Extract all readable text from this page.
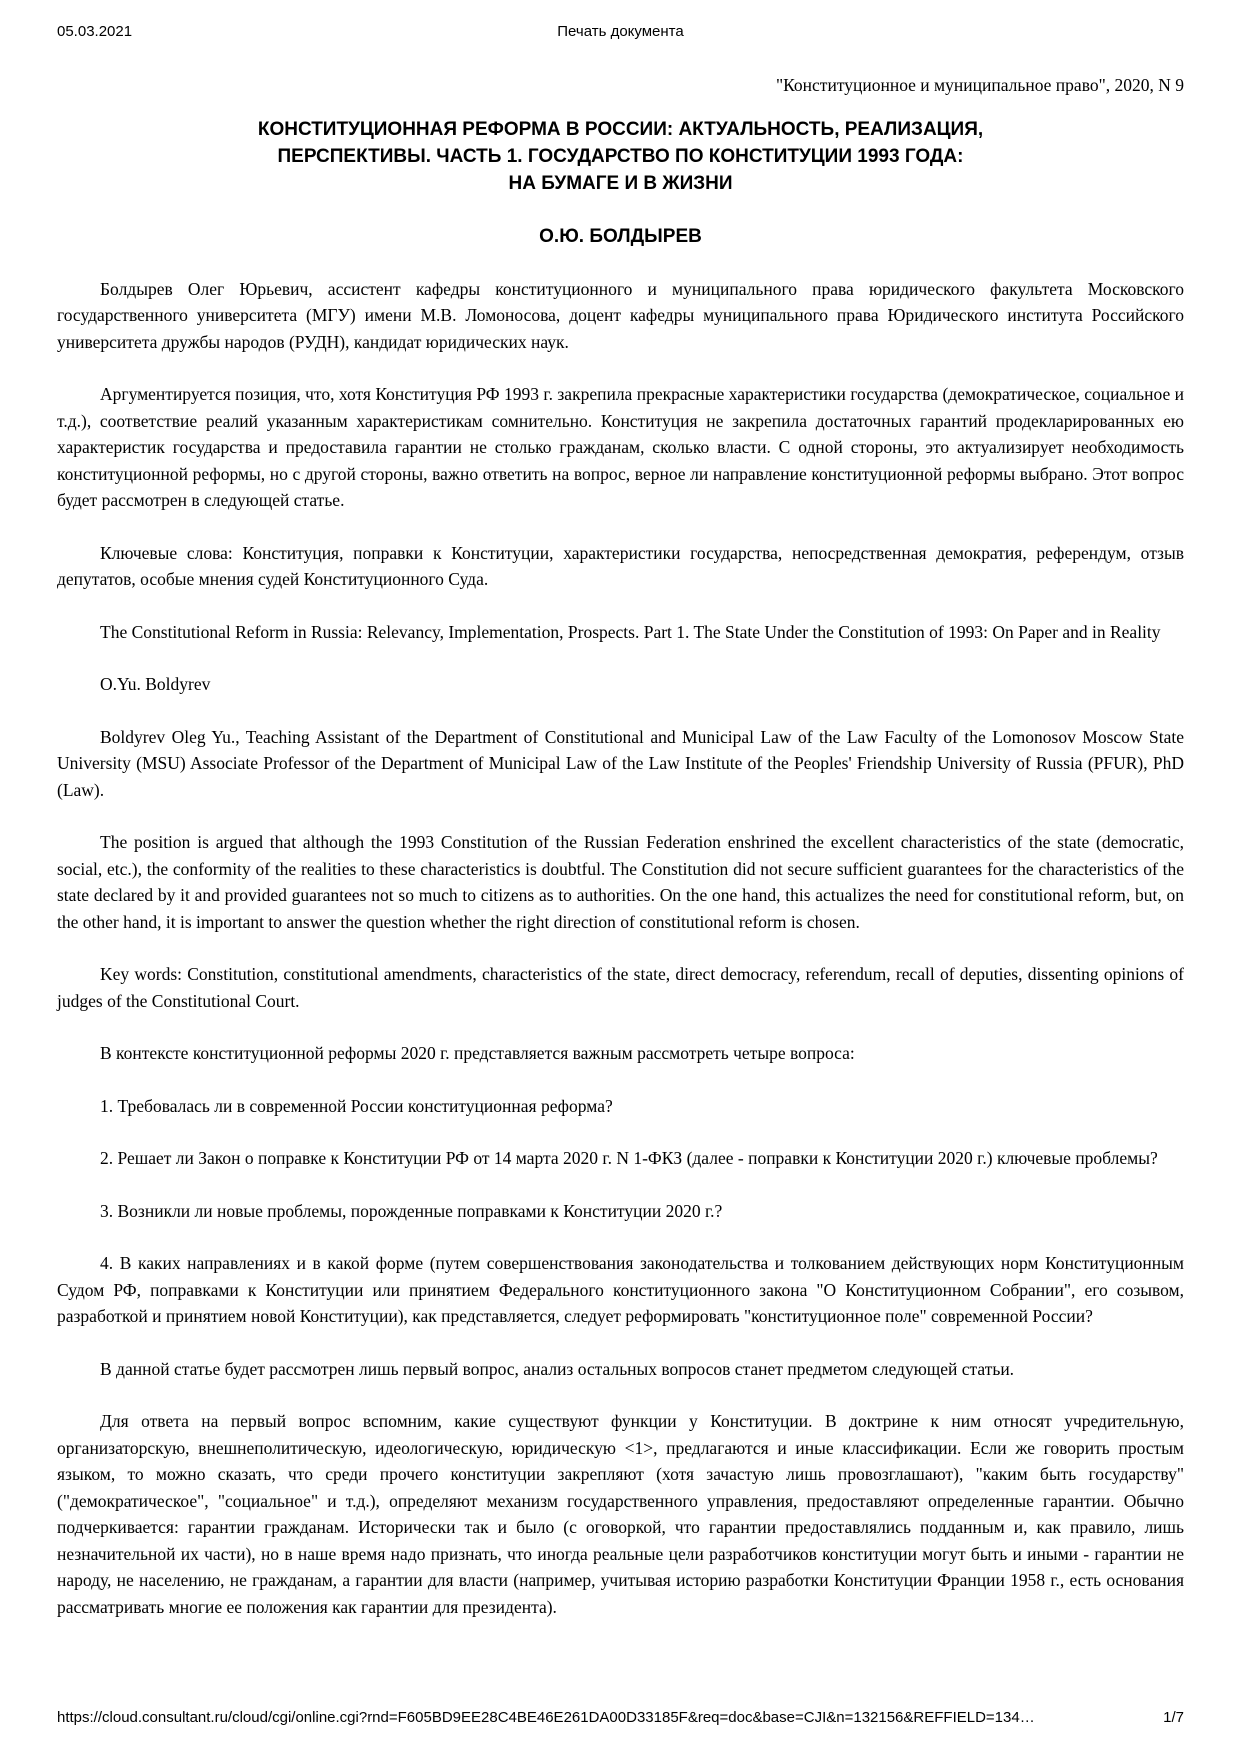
05.03.2021	Печать документа
"Конституционное и муниципальное право", 2020, N 9
КОНСТИТУЦИОННАЯ РЕФОРМА В РОССИИ: АКТУАЛЬНОСТЬ, РЕАЛИЗАЦИЯ,
ПЕРСПЕКТИВЫ. ЧАСТЬ 1. ГОСУДАРСТВО ПО КОНСТИТУЦИИ 1993 ГОДА:
НА БУМАГЕ И В ЖИЗНИ
О.Ю. БОЛДЫРЕВ

Болдырев Олег Юрьевич, ассистент кафедры конституционного и муниципального права юридического факультета Московского государственного университета (МГУ) имени М.В. Ломоносова, доцент кафедры муниципального права Юридического института Российского университета дружбы народов (РУДН), кандидат юридических наук.

Аргументируется позиция, что, хотя Конституция РФ 1993 г. закрепила прекрасные характеристики государства (демократическое, социальное и т.д.), соответствие реалий указанным характеристикам сомнительно. Конституция не закрепила достаточных гарантий продекларированных ею характеристик государства и предоставила гарантии не столько гражданам, сколько власти. С одной стороны, это актуализирует необходимость конституционной реформы, но с другой стороны, важно ответить на вопрос, верное ли направление конституционной реформы выбрано. Этот вопрос будет рассмотрен в следующей статье.

Ключевые слова: Конституция, поправки к Конституции, характеристики государства, непосредственная демократия, референдум, отзыв депутатов, особые мнения судей Конституционного Суда.

The Constitutional Reform in Russia: Relevancy, Implementation, Prospects. Part 1. The State Under the Constitution of 1993: On Paper and in Reality

O.Yu. Boldyrev

Boldyrev Oleg Yu., Teaching Assistant of the Department of Constitutional and Municipal Law of the Law Faculty of the Lomonosov Moscow State University (MSU) Associate Professor of the Department of Municipal Law of the Law Institute of the Peoples' Friendship University of Russia (PFUR), PhD (Law).

The position is argued that although the 1993 Constitution of the Russian Federation enshrined the excellent characteristics of the state (democratic, social, etc.), the conformity of the realities to these characteristics is doubtful. The Constitution did not secure sufficient guarantees for the characteristics of the state declared by it and provided guarantees not so much to citizens as to authorities. On the one hand, this actualizes the need for constitutional reform, but, on the other hand, it is important to answer the question whether the right direction of constitutional reform is chosen.

Key words: Constitution, constitutional amendments, characteristics of the state, direct democracy, referendum, recall of deputies, dissenting opinions of judges of the Constitutional Court.

В контексте конституционной реформы 2020 г. представляется важным рассмотреть четыре вопроса:

1. Требовалась ли в современной России конституционная реформа?

2. Решает ли Закон о поправке к Конституции РФ от 14 марта 2020 г. N 1-ФКЗ (далее - поправки к Конституции 2020 г.) ключевые проблемы?

3. Возникли ли новые проблемы, порожденные поправками к Конституции 2020 г.?

4. В каких направлениях и в какой форме (путем совершенствования законодательства и толкованием действующих норм Конституционным Судом РФ, поправками к Конституции или принятием Федерального конституционного закона "О Конституционном Собрании", его созывом, разработкой и принятием новой Конституции), как представляется, следует реформировать "конституционное поле" современной России?

В данной статье будет рассмотрен лишь первый вопрос, анализ остальных вопросов станет предметом следующей статьи.

Для ответа на первый вопрос вспомним, какие существуют функции у Конституции. В доктрине к ним относят учредительную, организаторскую, внешнеполитическую, идеологическую, юридическую <1>, предлагаются и иные классификации. Если же говорить простым языком, то можно сказать, что среди прочего конституции закрепляют (хотя зачастую лишь провозглашают), "каким быть государству" ("демократическое", "социальное" и т.д.), определяют механизм государственного управления, предоставляют определенные гарантии. Обычно подчеркивается: гарантии гражданам. Исторически так и было (с оговоркой, что гарантии предоставлялись подданным и, как правило, лишь незначительной их части), но в наше время надо признать, что иногда реальные цели разработчиков конституции могут быть и иными - гарантии не народу, не населению, не гражданам, а гарантии для власти (например, учитывая историю разработки Конституции Франции 1958 г., есть основания рассматривать многие ее положения как гарантии для президента).

https://cloud.consultant.ru/cloud/cgi/online.cgi?rnd=F605BD9EE28C4BE46E261DA00D33185F&req=doc&base=CJI&n=132156&REFFIELD=134…	1/7
